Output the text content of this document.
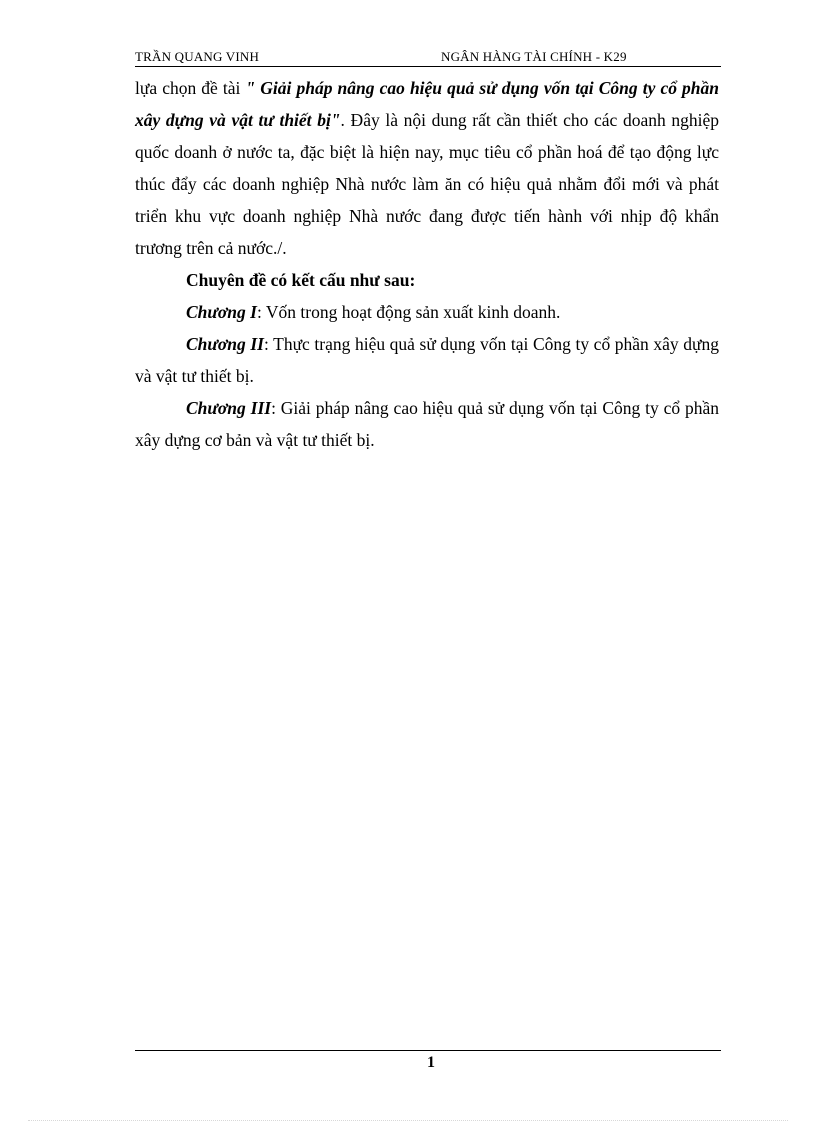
TRẦN QUANG VINH	NGÂN HÀNG TÀI CHÍNH - K29

lựa chọn đề tài " Giải pháp nâng cao hiệu quả sử dụng vốn tại Công ty cổ phần xây dựng và vật tư thiết bị". Đây là nội dung rất cần thiết cho các doanh nghiệp quốc doanh ở nước ta, đặc biệt là hiện nay, mục tiêu cổ phần hoá để tạo động lực thúc đẩy các doanh nghiệp Nhà nước làm ăn có hiệu quả nhằm đổi mới và phát triển khu vực doanh nghiệp Nhà nước đang được tiến hành với nhịp độ khẩn trương trên cả nước./.

Chuyên đề có kết cấu như sau:

Chương I: Vốn trong hoạt động sản xuất kinh doanh.

Chương II: Thực trạng hiệu quả sử dụng vốn tại Công ty cổ phần xây dựng và vật tư thiết bị.

Chương III: Giải pháp nâng cao hiệu quả sử dụng vốn tại Công ty cổ phần xây dựng cơ bản và vật tư thiết bị.

1
